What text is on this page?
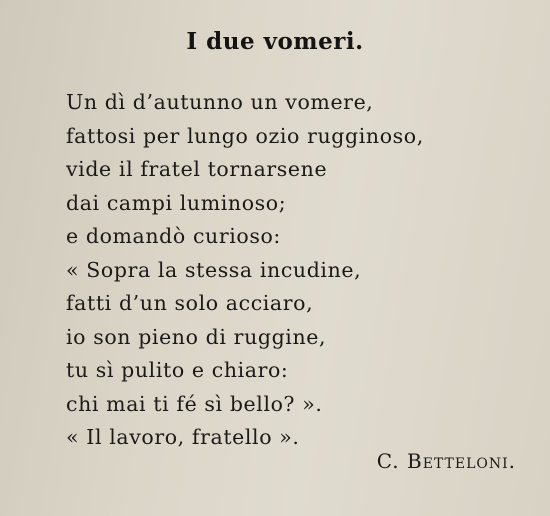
I due vomeri.
Un dì d’autunno un vomere,
fattosi per lungo ozio rugginoso,
vide il fratel tornarsene
dai campi luminoso;
e domandò curioso:
« Sopra la stessa incudine,
fatti d’un solo acciaro,
io son pieno di ruggine,
tu sì pulito e chiaro:
chi mai ti fé sì bello? ».
« Il lavoro, fratello ».
C. Betteloni.
